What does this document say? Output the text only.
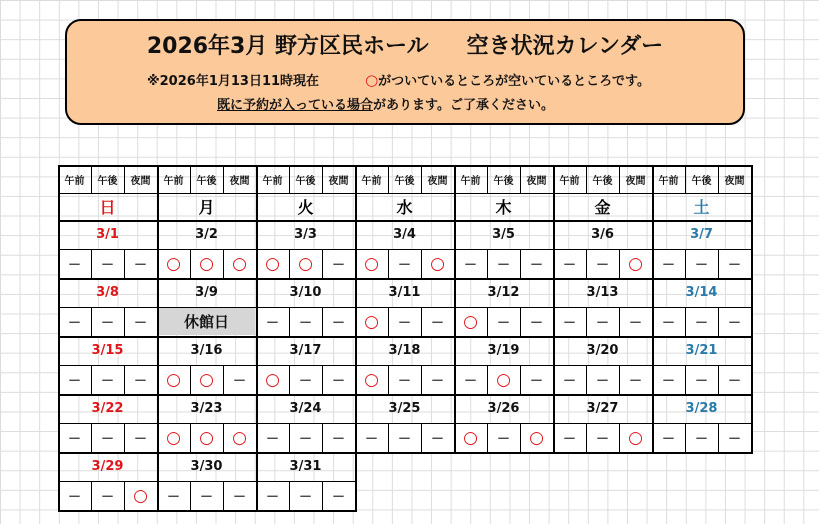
2026年3月 野方区民ホール 空き状況カレンダー
※2026年1月13日11時現在	○がついているところが空いているところです。
既に予約が入っている場合があります。ご了承ください。
午前	午後	夜間
日
午前	午後	夜間
月
午前	午後	夜間
火
午前	午後	夜間
水
午前	午後	夜間
木
午前	午後	夜間
金
午前	午後	夜間
土
3/1
－	－	－
3/2
○	○	○
3/3
○	○	－
3/4
○	－	○
3/5
－	－	－
3/6
－	－	○
3/7
－	－	－
3/8
－	－	－
3/9
休館日
3/10
－	－	－
3/11
○	－	－
3/12
○	－	－
3/13
－	－	－
3/14
－	－	－
3/15
－	－	－
3/16
○	○	－
3/17
○	－	－
3/18
○	－	－
3/19
－	○	－
3/20
－	－	－
3/21
－	－	－
3/22
－	－	－
3/23
○	○	○
3/24
－	－	－
3/25
－	－	－
3/26
○	－	○
3/27
－	－	○
3/28
－	－	－
3/29
－	－	○
3/30
－	－	－
3/31
－	－	－
